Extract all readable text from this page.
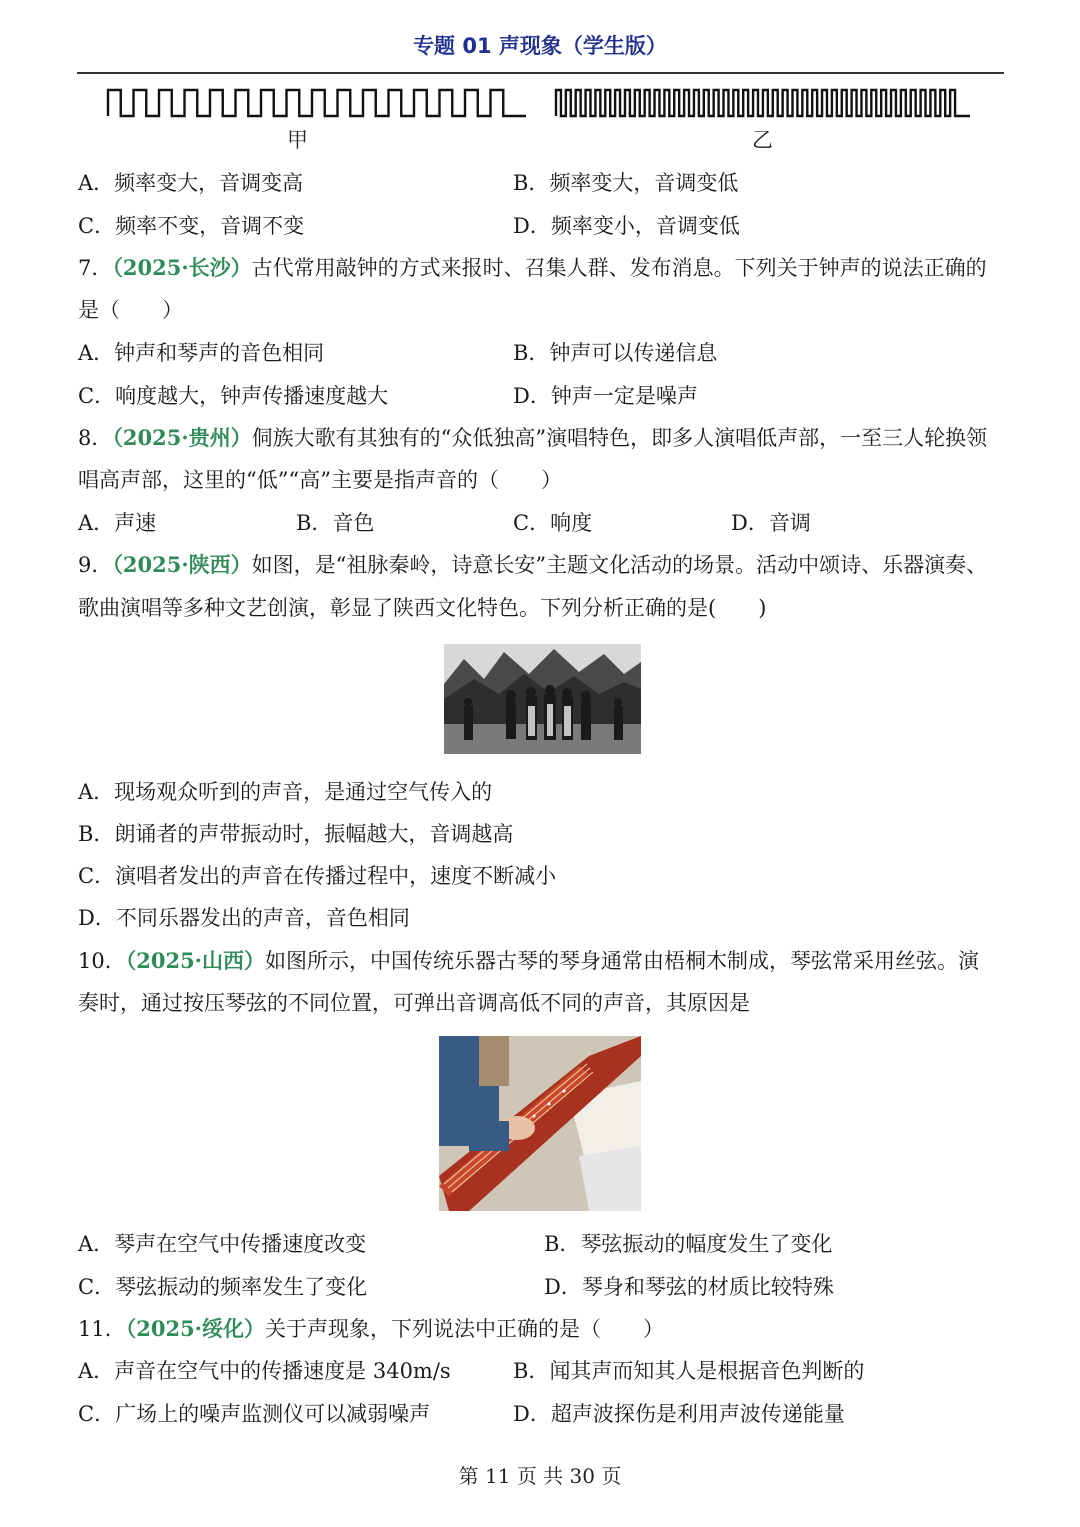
专题 01 声现象（学生版）
甲	乙
A．频率变大，音调变高	B．频率变大，音调变低
C．频率不变，音调不变	D．频率变小，音调变低
7．（2025·长沙）古代常用敲钟的方式来报时、召集人群、发布消息。下列关于钟声的说法正确的
是（　　）
A．钟声和琴声的音色相同	B．钟声可以传递信息
C．响度越大，钟声传播速度越大	D．钟声一定是噪声
8．（2025·贵州）侗族大歌有其独有的“众低独高”演唱特色，即多人演唱低声部，一至三人轮换领
唱高声部，这里的“低”“高”主要是指声音的（　　）
A．声速	B．音色	C．响度	D．音调
9．（2025·陕西）如图，是“祖脉秦岭，诗意长安”主题文化活动的场景。活动中颂诗、乐器演奏、
歌曲演唱等多种文艺创演，彰显了陕西文化特色。下列分析正确的是(　　)
A．现场观众听到的声音，是通过空气传入的
B．朗诵者的声带振动时，振幅越大，音调越高
C．演唱者发出的声音在传播过程中，速度不断减小
D．不同乐器发出的声音，音色相同
10．（2025·山西）如图所示，中国传统乐器古琴的琴身通常由梧桐木制成，琴弦常采用丝弦。演
奏时，通过按压琴弦的不同位置，可弹出音调高低不同的声音，其原因是
A．琴声在空气中传播速度改变	B．琴弦振动的幅度发生了变化
C．琴弦振动的频率发生了变化	D．琴身和琴弦的材质比较特殊
11．（2025·绥化）关于声现象，下列说法中正确的是（　　）
A．声音在空气中的传播速度是 340m/s	B．闻其声而知其人是根据音色判断的
C．广场上的噪声监测仪可以减弱噪声	D．超声波探伤是利用声波传递能量
第 11 页 共 30 页
